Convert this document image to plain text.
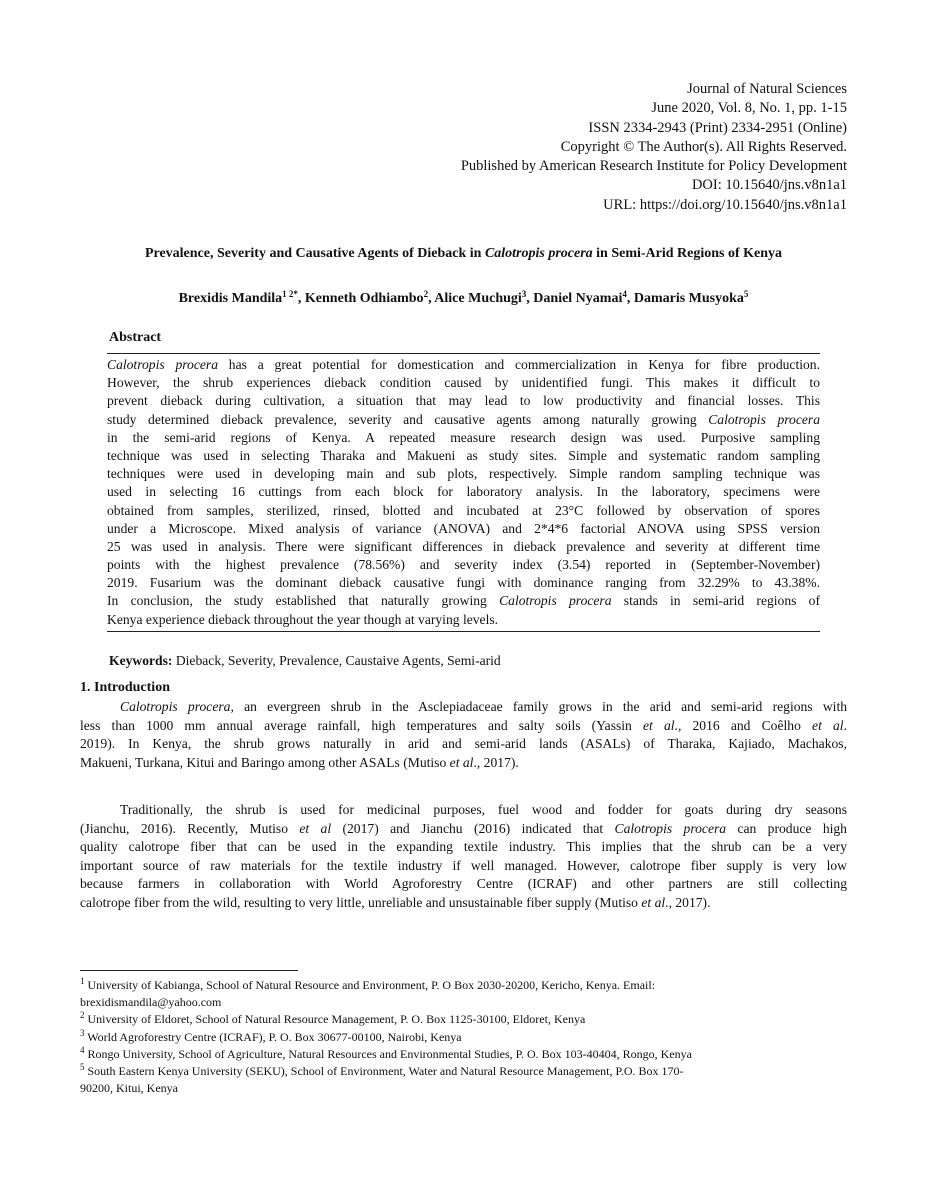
Journal of Natural Sciences
June 2020, Vol. 8, No. 1, pp. 1-15
ISSN 2334-2943 (Print) 2334-2951 (Online)
Copyright © The Author(s). All Rights Reserved.
Published by American Research Institute for Policy Development
DOI: 10.15640/jns.v8n1a1
URL: https://doi.org/10.15640/jns.v8n1a1
Prevalence, Severity and Causative Agents of Dieback in Calotropis procera in Semi-Arid Regions of Kenya
Brexidis Mandila$^{1 2*}$, Kenneth Odhiambo$^2$, Alice Muchugi$^3$, Daniel Nyamai$^4$, Damaris Musyoka$^5$
Abstract
Calotropis procera has a great potential for domestication and commercialization in Kenya for fibre production.
However, the shrub experiences dieback condition caused by unidentified fungi. This makes it difficult to
prevent dieback during cultivation, a situation that may lead to low productivity and financial losses. This
study determined dieback prevalence, severity and causative agents among naturally growing Calotropis procera
in the semi-arid regions of Kenya. A repeated measure research design was used. Purposive sampling
technique was used in selecting Tharaka and Makueni as study sites. Simple and systematic random sampling
techniques were used in developing main and sub plots, respectively. Simple random sampling technique was
used in selecting 16 cuttings from each block for laboratory analysis. In the laboratory, specimens were
obtained from samples, sterilized, rinsed, blotted and incubated at 23°C followed by observation of spores
under a Microscope. Mixed analysis of variance (ANOVA) and 2*4*6 factorial ANOVA using SPSS version
25 was used in analysis. There were significant differences in dieback prevalence and severity at different time
points with the highest prevalence (78.56%) and severity index (3.54) reported in (September-November)
2019. Fusarium was the dominant dieback causative fungi with dominance ranging from 32.29% to 43.38%.
In conclusion, the study established that naturally growing Calotropis procera stands in semi-arid regions of
Kenya experience dieback throughout the year though at varying levels.
Keywords: Dieback, Severity, Prevalence, Caustaive Agents, Semi-arid
1. Introduction
Calotropis procera, an evergreen shrub in the Asclepiadaceae family grows in the arid and semi-arid regions with
less than 1000 mm annual average rainfall, high temperatures and salty soils (Yassin et al., 2016 and Coêlho et al.
2019). In Kenya, the shrub grows naturally in arid and semi-arid lands (ASALs) of Tharaka, Kajiado, Machakos,
Makueni, Turkana, Kitui and Baringo among other ASALs (Mutiso et al., 2017).
Traditionally, the shrub is used for medicinal purposes, fuel wood and fodder for goats during dry seasons
(Jianchu, 2016). Recently, Mutiso et al (2017) and Jianchu (2016) indicated that Calotropis procera can produce high
quality calotrope fiber that can be used in the expanding textile industry. This implies that the shrub can be a very
important source of raw materials for the textile industry if well managed. However, calotrope fiber supply is very low
because farmers in collaboration with World Agroforestry Centre (ICRAF) and other partners are still collecting
calotrope fiber from the wild, resulting to very little, unreliable and unsustainable fiber supply (Mutiso et al., 2017).
$^1$ University of Kabianga, School of Natural Resource and Environment, P. O Box 2030-20200, Kericho, Kenya. Email:
brexidismandila@yahoo.com
$^2$ University of Eldoret, School of Natural Resource Management, P. O. Box 1125-30100, Eldoret, Kenya
$^3$ World Agroforestry Centre (ICRAF), P. O. Box 30677-00100, Nairobi, Kenya
$^4$ Rongo University, School of Agriculture, Natural Resources and Environmental Studies, P. O. Box 103-40404, Rongo, Kenya
$^5$ South Eastern Kenya University (SEKU), School of Environment, Water and Natural Resource Management, P.O. Box 170-
90200, Kitui, Kenya
